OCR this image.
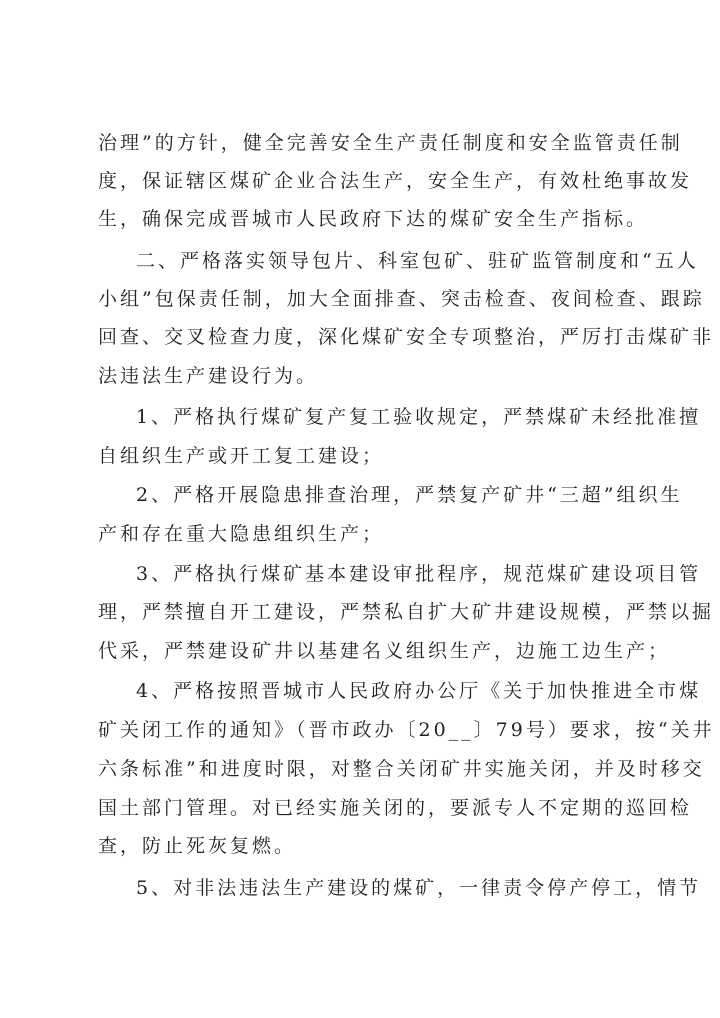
治理”的方针，健全完善安全生产责任制度和安全监管责任制
度，保证辖区煤矿企业合法生产，安全生产，有效杜绝事故发
生，确保完成晋城市人民政府下达的煤矿安全生产指标。
二、严格落实领导包片、科室包矿、驻矿监管制度和“五人
小组”包保责任制，加大全面排查、突击检查、夜间检查、跟踪
回查、交叉检查力度，深化煤矿安全专项整治，严厉打击煤矿非
法违法生产建设行为。
1、严格执行煤矿复产复工验收规定，严禁煤矿未经批准擅
自组织生产或开工复工建设；
2、严格开展隐患排查治理，严禁复产矿井“三超”组织生
产和存在重大隐患组织生产；
3、严格执行煤矿基本建设审批程序，规范煤矿建设项目管
理，严禁擅自开工建设，严禁私自扩大矿井建设规模，严禁以掘
代采，严禁建设矿井以基建名义组织生产，边施工边生产；
4、严格按照晋城市人民政府办公厅《关于加快推进全市煤
矿关闭工作的通知》（晋市政办〔20__〕79号）要求，按“关井
六条标准”和进度时限，对整合关闭矿井实施关闭，并及时移交
国土部门管理。对已经实施关闭的，要派专人不定期的巡回检
查，防止死灰复燃。
5、对非法违法生产建设的煤矿，一律责令停产停工，情节
